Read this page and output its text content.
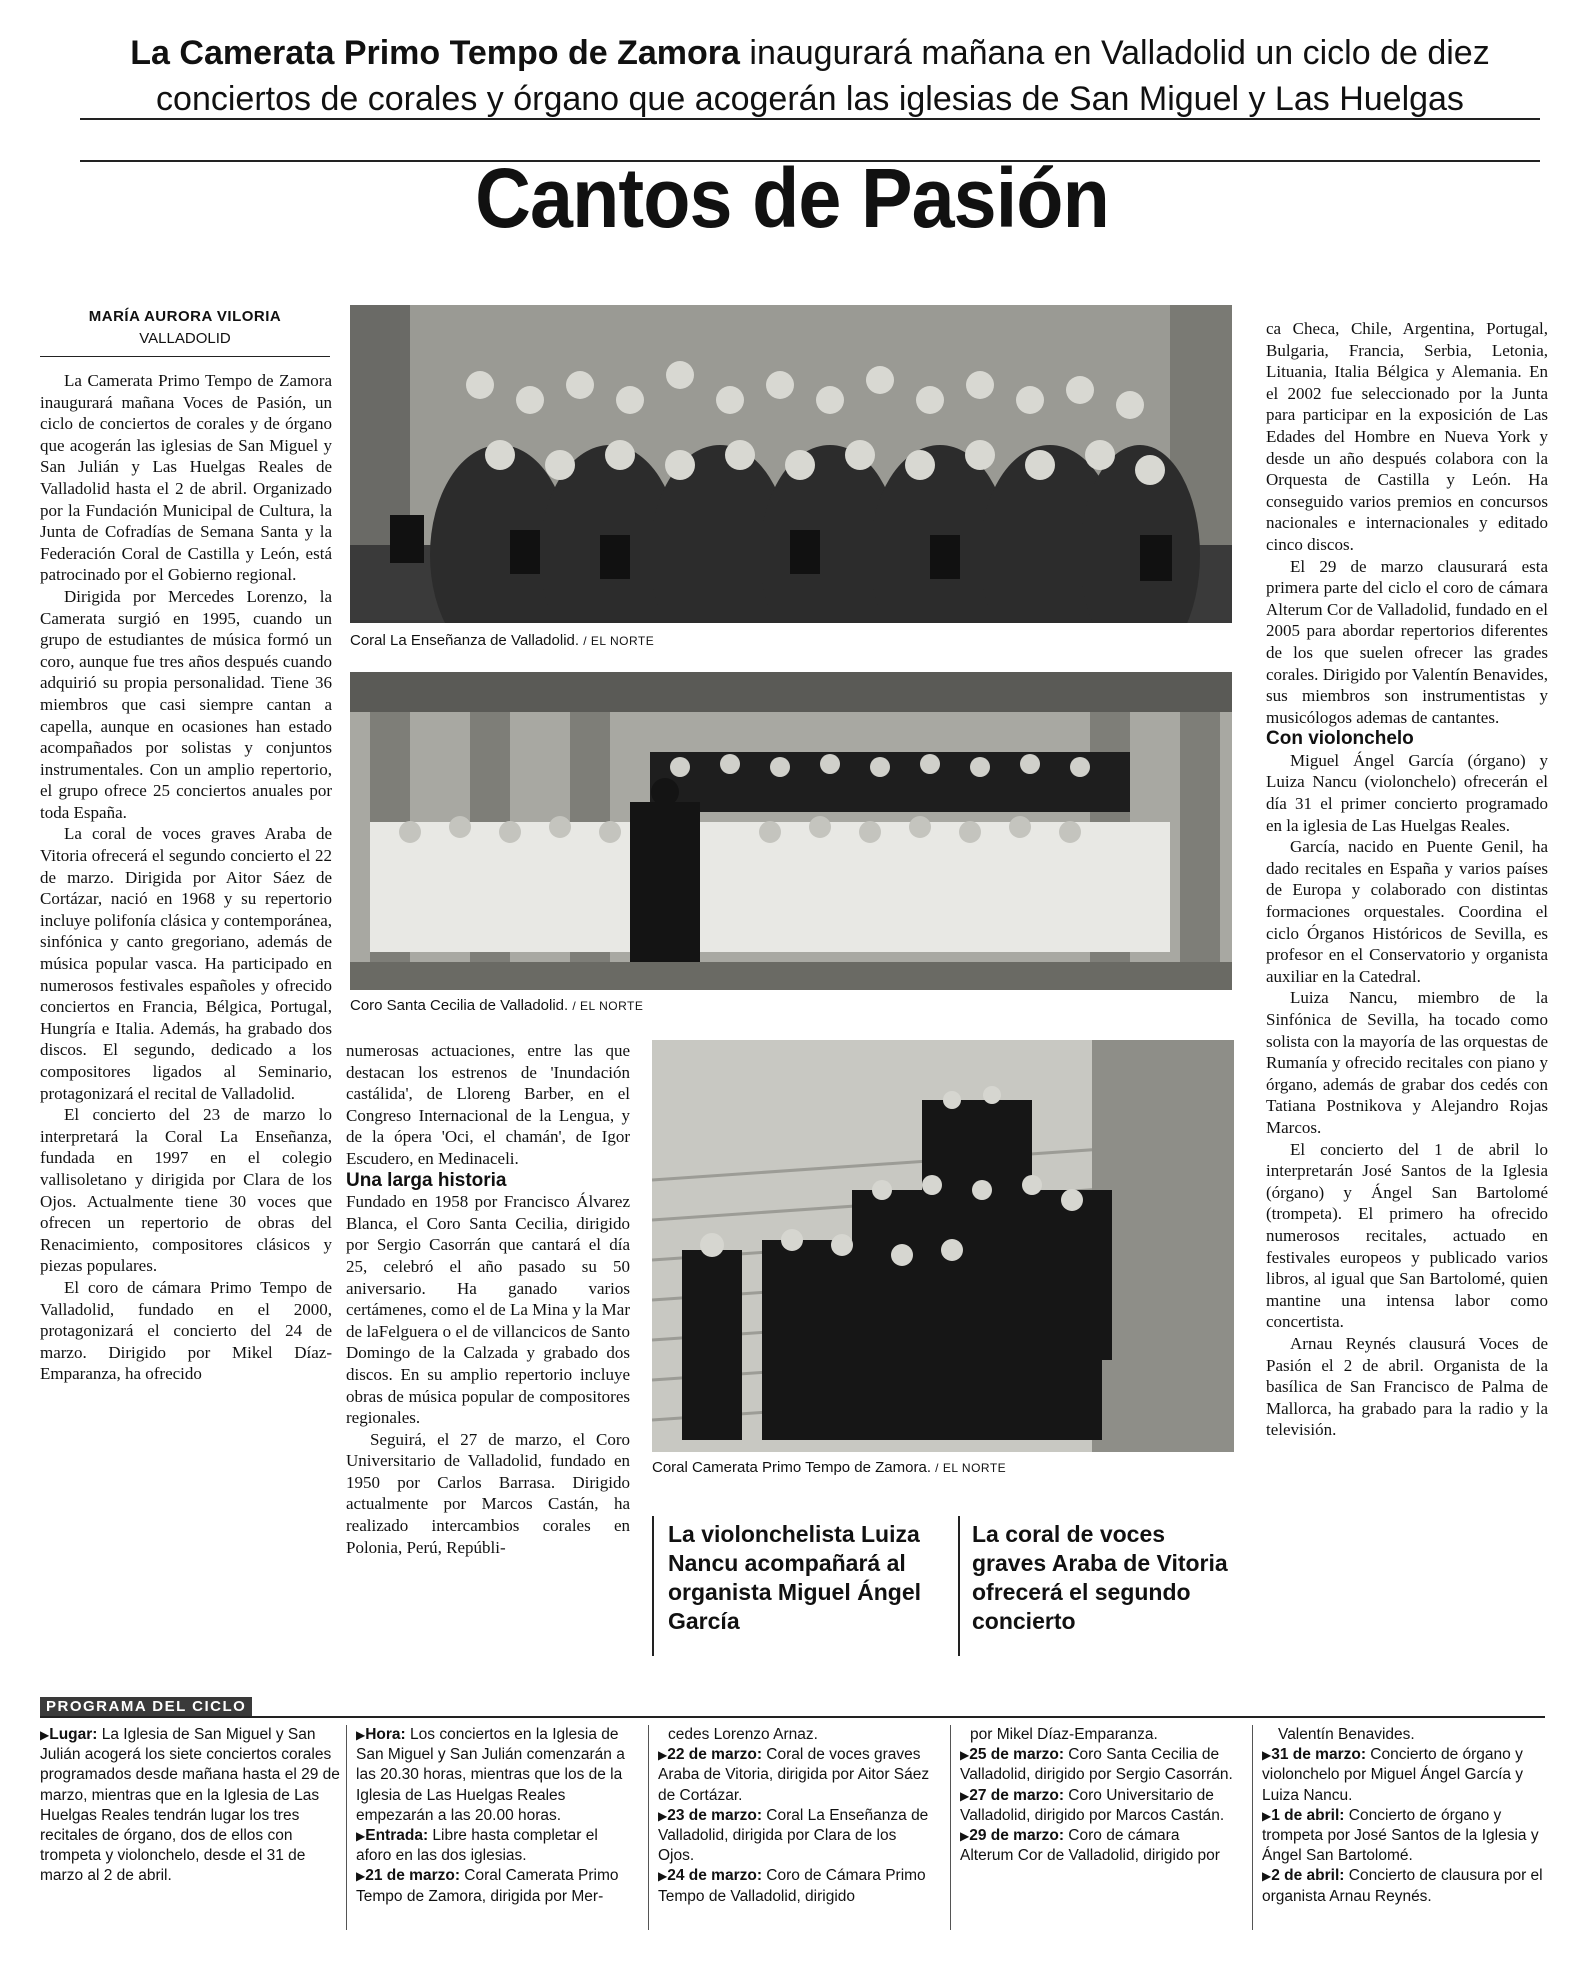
La Camerata Primo Tempo de Zamora inaugurará mañana en Valladolid un ciclo de diez conciertos de corales y órgano que acogerán las iglesias de San Miguel y Las Huelgas
Cantos de Pasión
MARÍA AURORA VILORIA
VALLADOLID

La Camerata Primo Tempo de Zamora inaugurará mañana Voces de Pasión, un ciclo de conciertos de corales y de órgano que acogerán las iglesias de San Miguel y San Julián y Las Huelgas Reales de Valladolid hasta el 2 de abril. Organizado por la Fundación Municipal de Cultura, la Junta de Cofradías de Semana Santa y la Federación Coral de Castilla y León, está patrocinado por el Gobierno regional.

Dirigida por Mercedes Lorenzo, la Camerata surgió en 1995, cuando un grupo de estudiantes de música formó un coro, aunque fue tres años después cuando adquirió su propia personalidad. Tiene 36 miembros que casi siempre cantan a capella, aunque en ocasiones han estado acompañados por solistas y conjuntos instrumentales. Con un amplio repertorio, el grupo ofrece 25 conciertos anuales por toda España.

La coral de voces graves Araba de Vitoria ofrecerá el segundo concierto el 22 de marzo. Dirigida por Aitor Sáez de Cortázar, nació en 1968 y su repertorio incluye polifonía clásica y contemporánea, sinfónica y canto gregoriano, además de música popular vasca. Ha participado en numerosos festivales españoles y ofrecido conciertos en Francia, Bélgica, Portugal, Hungría e Italia. Además, ha grabado dos discos. El segundo, dedicado a los compositores ligados al Seminario, protagonizará el recital de Valladolid.

El concierto del 23 de marzo lo interpretará la Coral La Enseñanza, fundada en 1997 en el colegio vallisoletano y dirigida por Clara de los Ojos. Actualmente tiene 30 voces que ofrecen un repertorio de obras del Renacimiento, compositores clásicos y piezas populares.

El coro de cámara Primo Tempo de Valladolid, fundado en el 2000, protagonizará el concierto del 24 de marzo. Dirigido por Mikel Díaz-Emparanza, ha ofrecido

Coral La Enseñanza de Valladolid. / EL NORTE
Coro Santa Cecilia de Valladolid. / EL NORTE

numerosas actuaciones, entre las que destacan los estrenos de 'Inundación castálida', de Lloreng Barber, en el Congreso Internacional de la Lengua, y de la ópera 'Oci, el chamán', de Igor Escudero, en Medinaceli.

Una larga historia

Fundado en 1958 por Francisco Álvarez Blanca, el Coro Santa Cecilia, dirigido por Sergio Casorrán que cantará el día 25, celebró el año pasado su 50 aniversario. Ha ganado varios certámenes, como el de La Mina y la Mar de laFelguera o el de villancicos de Santo Domingo de la Calzada y grabado dos discos. En su amplio repertorio incluye obras de música popular de compositores regionales.

Seguirá, el 27 de marzo, el Coro Universitario de Valladolid, fundado en 1950 por Carlos Barrasa. Dirigido actualmente por Marcos Castán, ha realizado intercambios corales en Polonia, Perú, Repúbli-

Coral Camerata Primo Tempo de Zamora. / EL NORTE
La violonchelista Luiza Nancu acompañará al organista Miguel Ángel García
La coral de voces graves Araba de Vitoria ofrecerá el segundo concierto

ca Checa, Chile, Argentina, Portugal, Bulgaria, Francia, Serbia, Letonia, Lituania, Italia Bélgica y Alemania. En el 2002 fue seleccionado por la Junta para participar en la exposición de Las Edades del Hombre en Nueva York y desde un año después colabora con la Orquesta de Castilla y León. Ha conseguido varios premios en concursos nacionales e internacionales y editado cinco discos.

El 29 de marzo clausurará esta primera parte del ciclo el coro de cámara Alterum Cor de Valladolid, fundado en el 2005 para abordar repertorios diferentes de los que suelen ofrecer las grades corales. Dirigido por Valentín Benavides, sus miembros son instrumentistas y musicólogos ademas de cantantes.

Con violonchelo

Miguel Ángel García (órgano) y Luiza Nancu (violonchelo) ofrecerán el día 31 el primer concierto programado en la iglesia de Las Huelgas Reales.

García, nacido en Puente Genil, ha dado recitales en España y varios países de Europa y colaborado con distintas formaciones orquestales. Coordina el ciclo Órganos Históricos de Sevilla, es profesor en el Conservatorio y organista auxiliar en la Catedral.

Luiza Nancu, miembro de la Sinfónica de Sevilla, ha tocado como solista con la mayoría de las orquestas de Rumanía y ofrecido recitales con piano y órgano, además de grabar dos cedés con Tatiana Postnikova y Alejandro Rojas Marcos.

El concierto del 1 de abril lo interpretarán José Santos de la Iglesia (órgano) y Ángel San Bartolomé (trompeta). El primero ha ofrecido numerosos recitales, actuado en festivales europeos y publicado varios libros, al igual que San Bartolomé, quien mantine una intensa labor como concertista.

Arnau Reynés clausurá Voces de Pasión el 2 de abril. Organista de la basílica de San Francisco de Palma de Mallorca, ha grabado para la radio y la televisión.

PROGRAMA DEL CICLO

▶Lugar: La Iglesia de San Miguel y San Julián acogerá los siete conciertos corales programados desde mañana hasta el 29 de marzo, mientras que en la Iglesia de Las Huelgas Reales tendrán lugar los tres recitales de órgano, dos de ellos con trompeta y violonchelo, desde el 31 de marzo al 2 de abril.

▶Hora: Los conciertos en la Iglesia de San Miguel y San Julián comenzarán a las 20.30 horas, mientras que los de la Iglesia de Las Huelgas Reales empezarán a las 20.00 horas.

▶Entrada: Libre hasta completar el aforo en las dos iglesias.

▶21 de marzo: Coral Camerata Primo Tempo de Zamora, dirigida por Mer-

cedes Lorenzo Arnaz.

▶22 de marzo: Coral de voces graves Araba de Vitoria, dirigida por Aitor Sáez de Cortázar.

▶23 de marzo: Coral La Enseñanza de Valladolid, dirigida por Clara de los Ojos.

▶24 de marzo: Coro de Cámara Primo Tempo de Valladolid, dirigido

por Mikel Díaz-Emparanza.

▶25 de marzo: Coro Santa Cecilia de Valladolid, dirigido por Sergio Casorrán.

▶27 de marzo: Coro Universitario de Valladolid, dirigido por Marcos Castán.

▶29 de marzo: Coro de cámara Alterum Cor de Valladolid, dirigido por

Valentín Benavides.

▶31 de marzo: Concierto de órgano y violonchelo por Miguel Ángel García y Luiza Nancu.

▶1 de abril: Concierto de órgano y trompeta por José Santos de la Iglesia y Ángel San Bartolomé.

▶2 de abril: Concierto de clausura por el organista Arnau Reynés.
